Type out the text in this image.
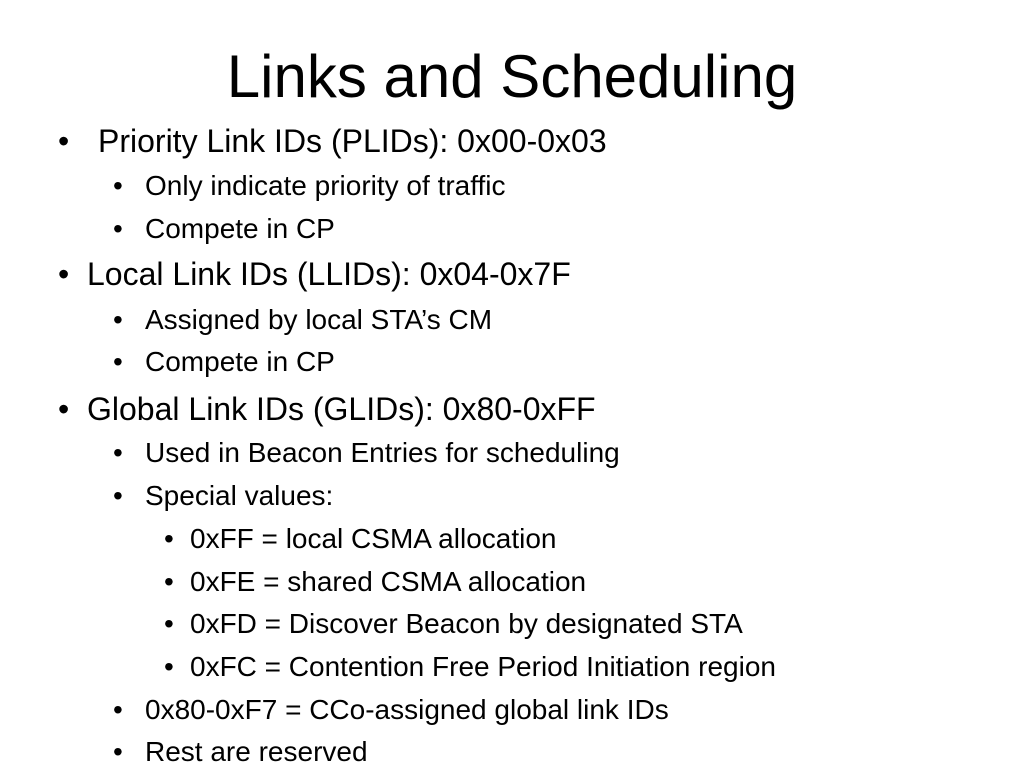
Links and Scheduling
• Priority Link IDs (PLIDs): 0x00-0x03
• Only indicate priority of traffic
• Compete in CP
• Local Link IDs (LLIDs): 0x04-0x7F
• Assigned by local STA’s CM
• Compete in CP
• Global Link IDs (GLIDs): 0x80-0xFF
• Used in Beacon Entries for scheduling
• Special values:
• 0xFF = local CSMA allocation
• 0xFE = shared CSMA allocation
• 0xFD = Discover Beacon by designated STA
• 0xFC = Contention Free Period Initiation region
• 0x80-0xF7 = CCo-assigned global link IDs
• Rest are reserved
